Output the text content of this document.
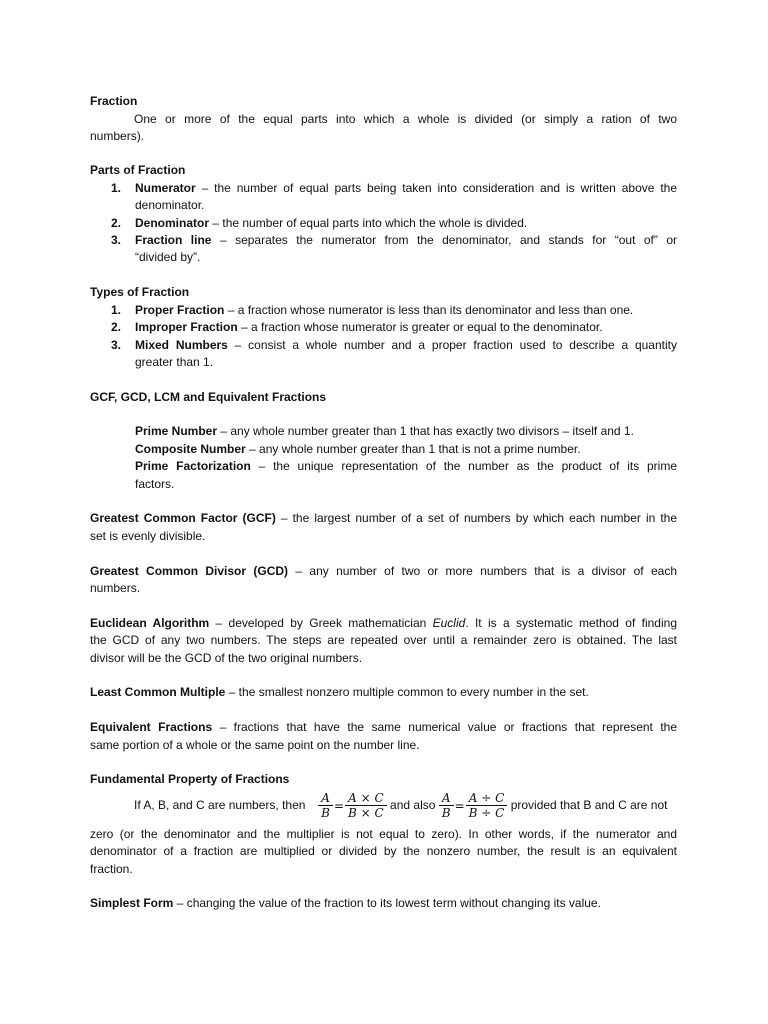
Fraction
One or more of the equal parts into which a whole is divided (or simply a ration of two
numbers).
Parts of Fraction
1. Numerator – the number of equal parts being taken into consideration and is written above the
denominator.
2. Denominator – the number of equal parts into which the whole is divided.
3. Fraction line – separates the numerator from the denominator, and stands for “out of” or
“divided by”.
Types of Fraction
1. Proper Fraction – a fraction whose numerator is less than its denominator and less than one.
2. Improper Fraction – a fraction whose numerator is greater or equal to the denominator.
3. Mixed Numbers – consist a whole number and a proper fraction used to describe a quantity
greater than 1.
GCF, GCD, LCM and Equivalent Fractions
Prime Number – any whole number greater than 1 that has exactly two divisors – itself and 1.
Composite Number – any whole number greater than 1 that is not a prime number.
Prime Factorization – the unique representation of the number as the product of its prime
factors.
Greatest Common Factor (GCF) – the largest number of a set of numbers by which each number in the
set is evenly divisible.
Greatest Common Divisor (GCD) – any number of two or more numbers that is a divisor of each
numbers.
Euclidean Algorithm – developed by Greek mathematician Euclid. It is a systematic method of finding
the GCD of any two numbers. The steps are repeated over until a remainder zero is obtained. The last
divisor will be the GCD of the two original numbers.
Least Common Multiple – the smallest nonzero multiple common to every number in the set.
Equivalent Fractions – fractions that have the same numerical value or fractions that represent the
same portion of a whole or the same point on the number line.
Fundamental Property of Fractions
If A, B, and C are numbers, then $\frac{A}{B} = \frac{A \times C}{B \times C}$ and also $\frac{A}{B} = \frac{A \div C}{B \div C}$ provided that B and C are not
zero (or the denominator and the multiplier is not equal to zero). In other words, if the numerator and
denominator of a fraction are multiplied or divided by the nonzero number, the result is an equivalent
fraction.
Simplest Form – changing the value of the fraction to its lowest term without changing its value.
